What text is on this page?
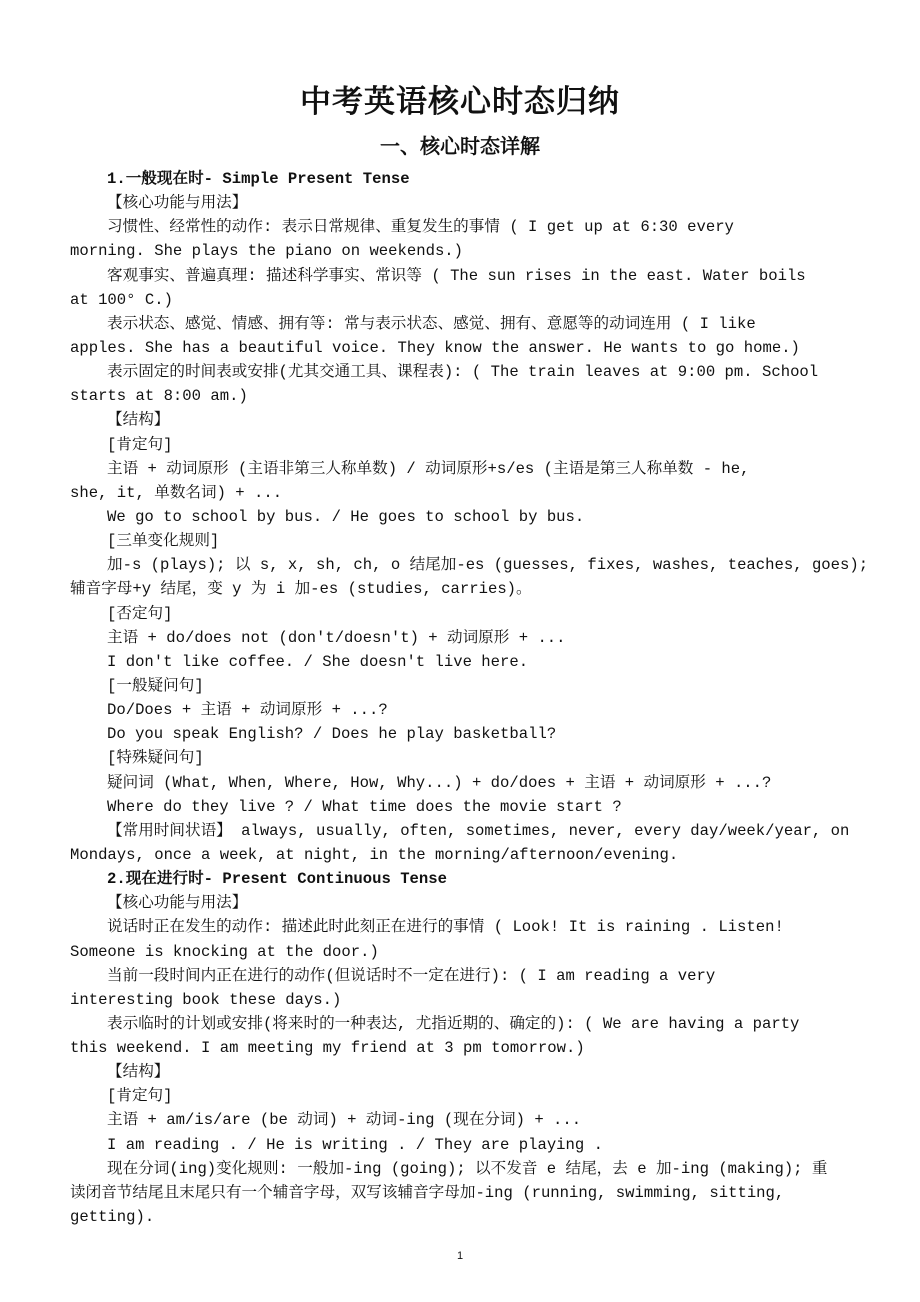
中考英语核心时态归纳
一、核心时态详解
1.一般现在时- Simple Present Tense
【核心功能与用法】
习惯性、经常性的动作: 表示日常规律、重复发生的事情 ( I get up at 6:30 every
morning. She plays the piano on weekends.)
客观事实、普遍真理: 描述科学事实、常识等 ( The sun rises in the east. Water boils
at 100° C.)
表示状态、感觉、情感、拥有等: 常与表示状态、感觉、拥有、意愿等的动词连用 ( I like
apples. She has a beautiful voice. They know the answer. He wants to go home.)
表示固定的时间表或安排(尤其交通工具、课程表): ( The train leaves at 9:00 pm. School
starts at 8:00 am.)
【结构】
[肯定句]
主语 + 动词原形 (主语非第三人称单数) / 动词原形+s/es (主语是第三人称单数 - he,
she, it, 单数名词) + ...
We go to school by bus. / He goes to school by bus.
[三单变化规则]
加-s (plays); 以 s, x, sh, ch, o 结尾加-es (guesses, fixes, washes, teaches, goes);
辅音字母+y 结尾，变 y 为 i 加-es (studies, carries)。
[否定句]
主语 + do/does not (don't/doesn't) + 动词原形 + ...
I don't like coffee. / She doesn't live here.
[一般疑问句]
Do/Does + 主语 + 动词原形 + ...?
Do you speak English? / Does he play basketball?
[特殊疑问句]
疑问词 (What, When, Where, How, Why...) + do/does + 主语 + 动词原形 + ...?
Where do they live ? / What time does the movie start ?
【常用时间状语】 always, usually, often, sometimes, never, every day/week/year, on
Mondays, once a week, at night, in the morning/afternoon/evening.
2.现在进行时- Present Continuous Tense
【核心功能与用法】
说话时正在发生的动作: 描述此时此刻正在进行的事情 ( Look! It is raining . Listen!
Someone is knocking at the door.)
当前一段时间内正在进行的动作(但说话时不一定在进行): ( I am reading a very
interesting book these days.)
表示临时的计划或安排(将来时的一种表达, 尤指近期的、确定的): ( We are having a party
this weekend. I am meeting my friend at 3 pm tomorrow.)
【结构】
[肯定句]
主语 + am/is/are (be 动词) + 动词-ing (现在分词) + ...
I am reading . / He is writing . / They are playing .
现在分词(ing)变化规则: 一般加-ing (going); 以不发音 e 结尾，去 e 加-ing (making); 重
读闭音节结尾且末尾只有一个辅音字母，双写该辅音字母加-ing (running, swimming, sitting,
getting).
1
